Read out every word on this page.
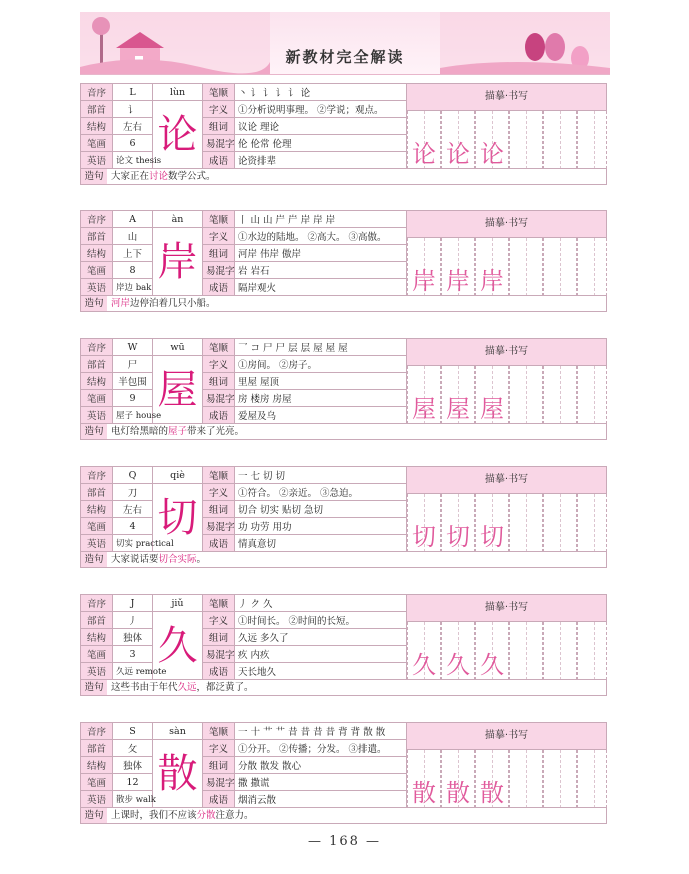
新教材完全解读
音序	L	lùn	笔顺	丶 讠 讠 讠 讠 论
部首	讠	论	字义	①分析说明事理。 ②学说；观点。
结构	左右		组词	议论 理论
笔画	6		易混字	伦 伦常 伦理
英语	论文 thesis		成语	论资排辈
描摹·书写
论 论 论
造句 大家正在讨论数学公式。
音序	A	àn	笔顺	丨 山 山 屵 屵 岸 岸 岸
部首	山	岸	字义	①水边的陆地。 ②高大。 ③高傲。
结构	上下		组词	河岸 伟岸 傲岸
笔画	8		易混字	岩 岩石
英语	岸边 bak		成语	隔岸观火
描摹·书写
岸 岸 岸
造句 河岸边停泊着几只小船。
音序	W	wū	笔顺	乛 コ 尸 尸 层 层 屋 屋 屋
部首	尸	屋	字义	①房间。 ②房子。
结构	半包围		组词	里屋 屋顶
笔画	9		易混字	房 楼房 房屋
英语	屋子 house		成语	爱屋及乌
描摹·书写
屋 屋 屋
造句 电灯给黑暗的屋子带来了光亮。
音序	Q	qiè	笔顺	一 七 切 切
部首	刀	切	字义	①符合。 ②亲近。 ③急迫。
结构	左右		组词	切合 切实 贴切 急切
笔画	4		易混字	功 功劳 用功
英语	切实 practical		成语	情真意切
描摹·书写
切 切 切
造句 大家说话要切合实际。
音序	J	jiǔ	笔顺	丿 ク 久
部首	丿	久	字义	①时间长。 ②时间的长短。
结构	独体		组词	久远 多久了
笔画	3		易混字	疚 内疚
英语	久远 remote		成语	天长地久
描摹·书写
久 久 久
造句 这些书由于年代久远，都泛黄了。
音序	S	sàn	笔顺	一 十 艹 艹 昔 昔 昔 昔 背 背 散 散
部首	攵	散	字义	①分开。 ②传播；分发。 ③排遣。
结构	独体		组词	分散 散发 散心
笔画	12		易混字	撒 撒谎
英语	散步 walk		成语	烟消云散
描摹·书写
散 散 散
造句 上课时，我们不应该分散注意力。
— 168 —
